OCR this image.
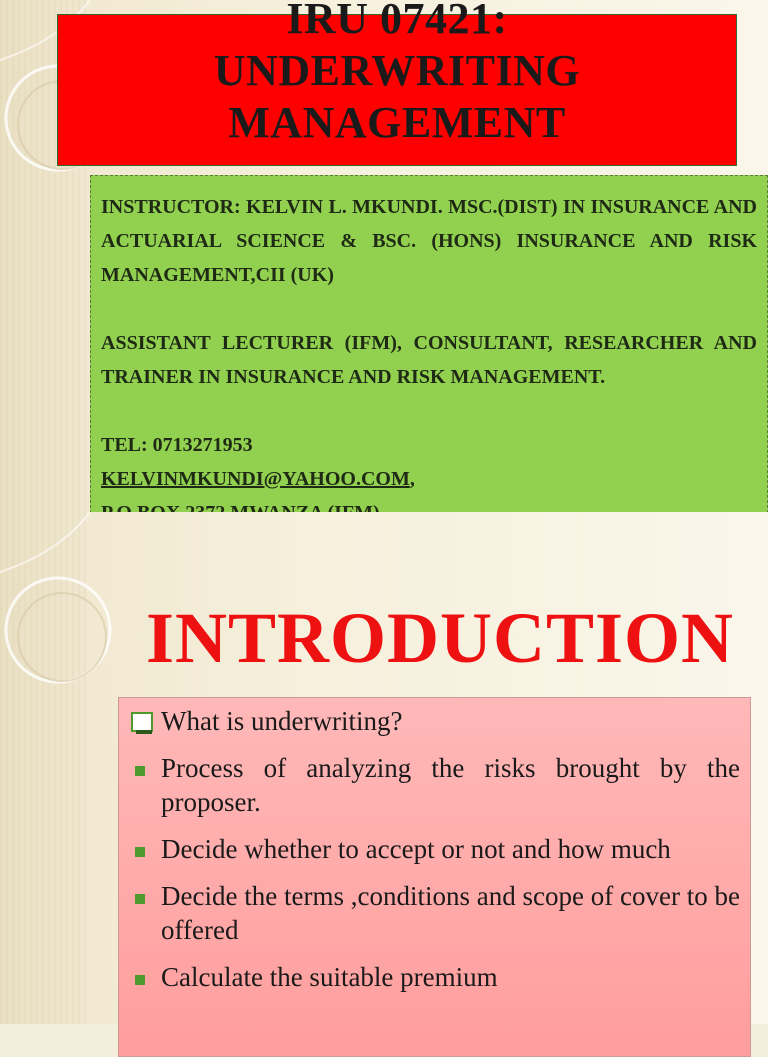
IRU 07421:
UNDERWRITING
MANAGEMENT

INSTRUCTOR: KELVIN L. MKUNDI. MSC.(DIST) IN INSURANCE AND ACTUARIAL SCIENCE & BSC. (HONS) INSURANCE AND RISK MANAGEMENT,CII (UK)

ASSISTANT LECTURER (IFM), CONSULTANT, RESEARCHER AND TRAINER IN INSURANCE AND RISK MANAGEMENT.

TEL: 0713271953

KELVINMKUNDI@YAHOO.COM,

INTRODUCTION
What is underwriting?
Process of analyzing the risks brought by the proposer.
Decide whether to accept or not and how much
Decide the terms ,conditions and scope of cover to be offered
Calculate the suitable premium
